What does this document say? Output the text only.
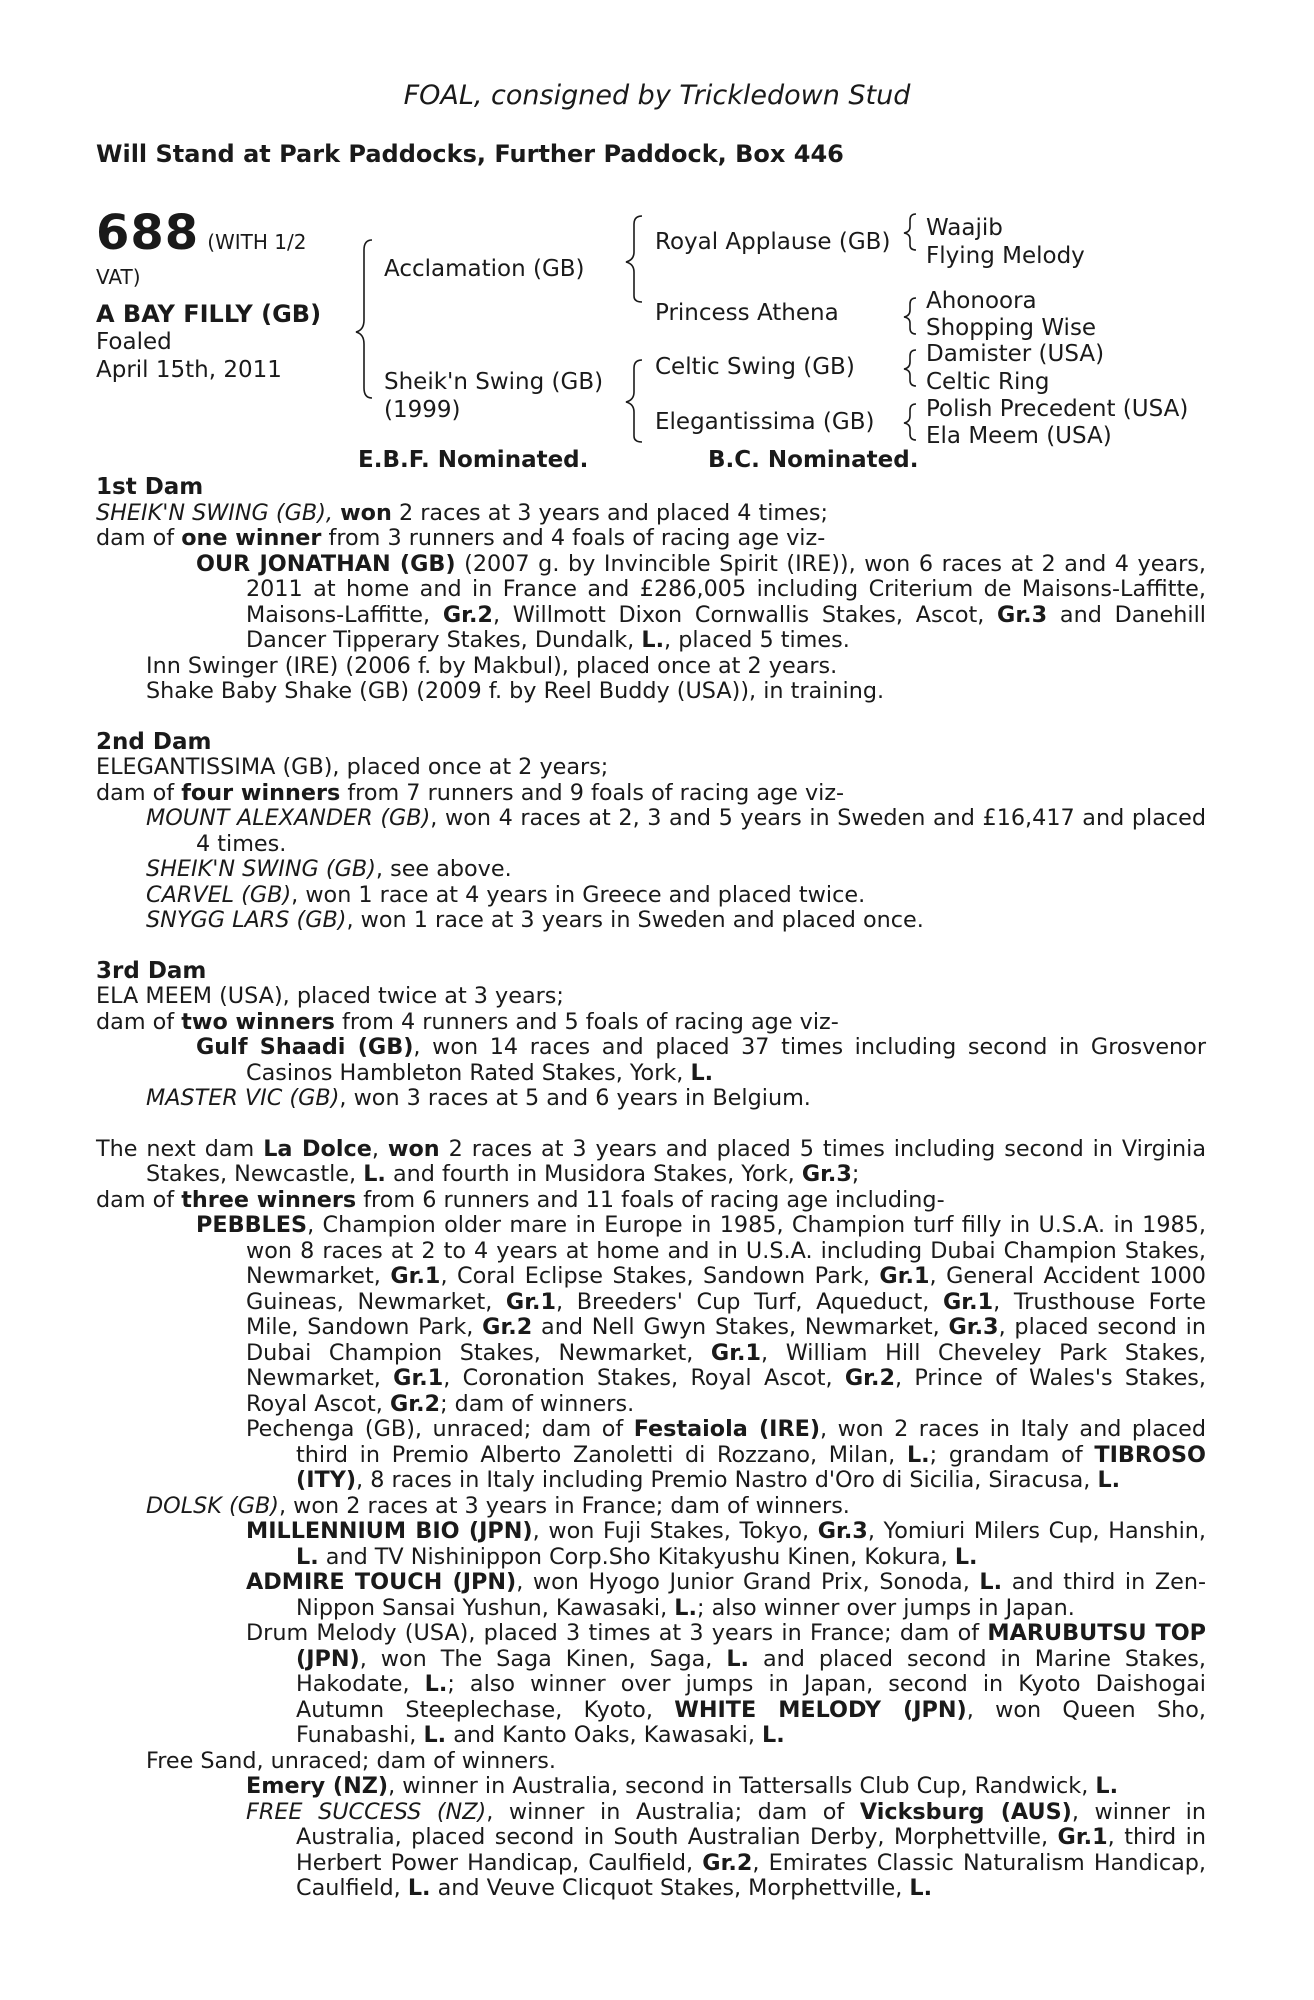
FOAL, consigned by Trickledown Stud
Will Stand at Park Paddocks, Further Paddock, Box 446
688 (WITH 1/2
VAT)
A BAY FILLY (GB)
Foaled
April 15th, 2011
Acclamation (GB)
Sheik'n Swing (GB)
(1999)
Royal Applause (GB)
Princess Athena
Celtic Swing (GB)
Elegantissima (GB)
Waajib
Flying Melody
Ahonoora
Shopping Wise
Damister (USA)
Celtic Ring
Polish Precedent (USA)
Ela Meem (USA)
E.B.F. Nominated.	B.C. Nominated.
1st Dam
SHEIK'N SWING (GB), won 2 races at 3 years and placed 4 times;
dam of one winner from 3 runners and 4 foals of racing age viz-
OUR JONATHAN (GB) (2007 g. by Invincible Spirit (IRE)), won 6 races at 2 and 4 years, 2011 at home and in France and £286,005 including Criterium de Maisons-Laffitte, Maisons-Laffitte, Gr.2, Willmott Dixon Cornwallis Stakes, Ascot, Gr.3 and Danehill Dancer Tipperary Stakes, Dundalk, L., placed 5 times.
Inn Swinger (IRE) (2006 f. by Makbul), placed once at 2 years.
Shake Baby Shake (GB) (2009 f. by Reel Buddy (USA)), in training.
2nd Dam
ELEGANTISSIMA (GB), placed once at 2 years;
dam of four winners from 7 runners and 9 foals of racing age viz-
MOUNT ALEXANDER (GB), won 4 races at 2, 3 and 5 years in Sweden and £16,417 and placed 4 times.
SHEIK'N SWING (GB), see above.
CARVEL (GB), won 1 race at 4 years in Greece and placed twice.
SNYGG LARS (GB), won 1 race at 3 years in Sweden and placed once.
3rd Dam
ELA MEEM (USA), placed twice at 3 years;
dam of two winners from 4 runners and 5 foals of racing age viz-
Gulf Shaadi (GB), won 14 races and placed 37 times including second in Grosvenor Casinos Hambleton Rated Stakes, York, L.
MASTER VIC (GB), won 3 races at 5 and 6 years in Belgium.
The next dam La Dolce, won 2 races at 3 years and placed 5 times including second in Virginia Stakes, Newcastle, L. and fourth in Musidora Stakes, York, Gr.3;
dam of three winners from 6 runners and 11 foals of racing age including-
PEBBLES, Champion older mare in Europe in 1985, Champion turf filly in U.S.A. in 1985, won 8 races at 2 to 4 years at home and in U.S.A. including Dubai Champion Stakes, Newmarket, Gr.1, Coral Eclipse Stakes, Sandown Park, Gr.1, General Accident 1000 Guineas, Newmarket, Gr.1, Breeders' Cup Turf, Aqueduct, Gr.1, Trusthouse Forte Mile, Sandown Park, Gr.2 and Nell Gwyn Stakes, Newmarket, Gr.3, placed second in Dubai Champion Stakes, Newmarket, Gr.1, William Hill Cheveley Park Stakes, Newmarket, Gr.1, Coronation Stakes, Royal Ascot, Gr.2, Prince of Wales's Stakes, Royal Ascot, Gr.2; dam of winners.
Pechenga (GB), unraced; dam of Festaiola (IRE), won 2 races in Italy and placed third in Premio Alberto Zanoletti di Rozzano, Milan, L.; grandam of TIBROSO (ITY), 8 races in Italy including Premio Nastro d'Oro di Sicilia, Siracusa, L.
DOLSK (GB), won 2 races at 3 years in France; dam of winners.
MILLENNIUM BIO (JPN), won Fuji Stakes, Tokyo, Gr.3, Yomiuri Milers Cup, Hanshin, L. and TV Nishinippon Corp.Sho Kitakyushu Kinen, Kokura, L.
ADMIRE TOUCH (JPN), won Hyogo Junior Grand Prix, Sonoda, L. and third in Zen-Nippon Sansai Yushun, Kawasaki, L.; also winner over jumps in Japan.
Drum Melody (USA), placed 3 times at 3 years in France; dam of MARUBUTSU TOP (JPN), won The Saga Kinen, Saga, L. and placed second in Marine Stakes, Hakodate, L.; also winner over jumps in Japan, second in Kyoto Daishogai Autumn Steeplechase, Kyoto, WHITE MELODY (JPN), won Queen Sho, Funabashi, L. and Kanto Oaks, Kawasaki, L.
Free Sand, unraced; dam of winners.
Emery (NZ), winner in Australia, second in Tattersalls Club Cup, Randwick, L.
FREE SUCCESS (NZ), winner in Australia; dam of Vicksburg (AUS), winner in Australia, placed second in South Australian Derby, Morphettville, Gr.1, third in Herbert Power Handicap, Caulfield, Gr.2, Emirates Classic Naturalism Handicap, Caulfield, L. and Veuve Clicquot Stakes, Morphettville, L.
